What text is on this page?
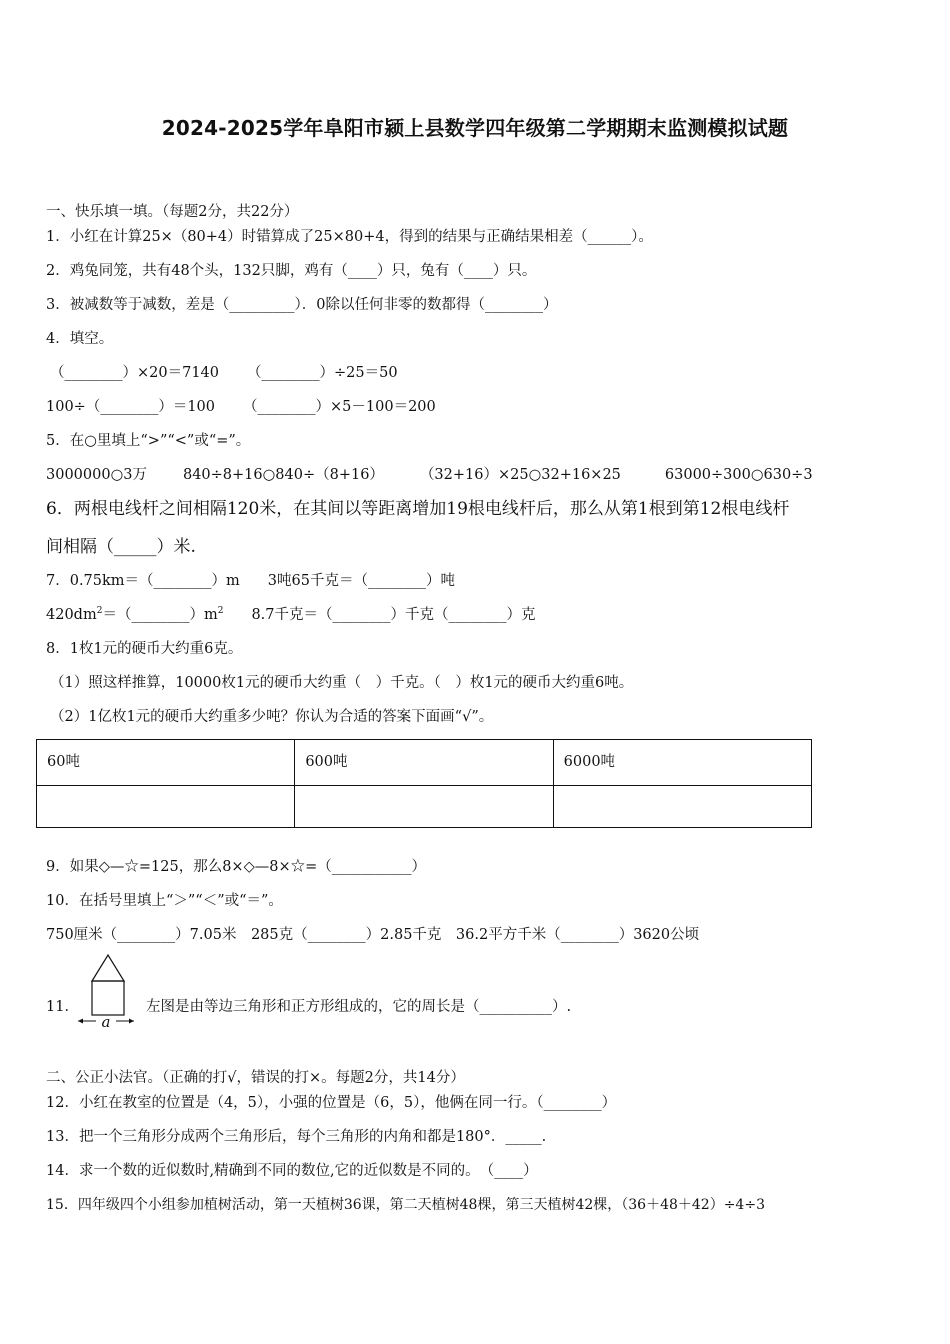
2024-2025学年阜阳市颍上县数学四年级第二学期期末监测模拟试题
一、快乐填一填。（每题2分，共22分）
1．小红在计算25×（80+4）时错算成了25×80+4，得到的结果与正确结果相差（______）。
2．鸡兔同笼，共有48个头，132只脚，鸡有（____）只，兔有（____）只。
3．被减数等于减数，差是（_________）．0除以任何非零的数都得（________）
4．填空。
（________）×20＝7140 （________）÷25＝50
100÷（________）＝100 （________）×5－100＝200
5．在○里填上“>”“<”或“=”。
3000000○3万 840÷8+16○840÷（8+16） （32+16）×25○32+16×25	63000÷300○630÷3
6．两根电线杆之间相隔120米，在其间以等距离增加19根电线杆后，那么从第1根到第12根电线杆
间相隔（_____）米.
7．0.75km＝（________）m 3吨65千克＝（________）吨
$420dm^2=(\_\_\_\_\_\_\_\_)m^2$ 8.7千克＝（________）千克（________）克
8．1枚1元的硬币大约重6克。
（1）照这样推算，10000枚1元的硬币大约重（　）千克。（　）枚1元的硬币大约重6吨。
（2）1亿枚1元的硬币大约重多少吨？你认为合适的答案下面画“√”。
60吨	600吨	6000吨

9．如果◇—☆=125，那么8×◇—8×☆=（___________）
10．在括号里填上“＞”“＜”或“＝”。
750厘米（________）7.05米　285克（________）2.85千克　36.2平方千米（________）3620公顷
11．
a
左图是由等边三角形和正方形组成的，它的周长是（__________）.
二、公正小法官。（正确的打√，错误的打×。每题2分，共14分）
12．小红在教室的位置是（4，5），小强的位置是（6，5），他俩在同一行。（________）
13．把一个三角形分成两个三角形后，每个三角形的内角和都是180°．_____.
14．求一个数的近似数时,精确到不同的数位,它的近似数是不同的。　（____）
15．四年级四个小组参加植树活动，第一天植树36课，第二天植树48棵，第三天植树42棵，（36＋48＋42）÷4÷3
